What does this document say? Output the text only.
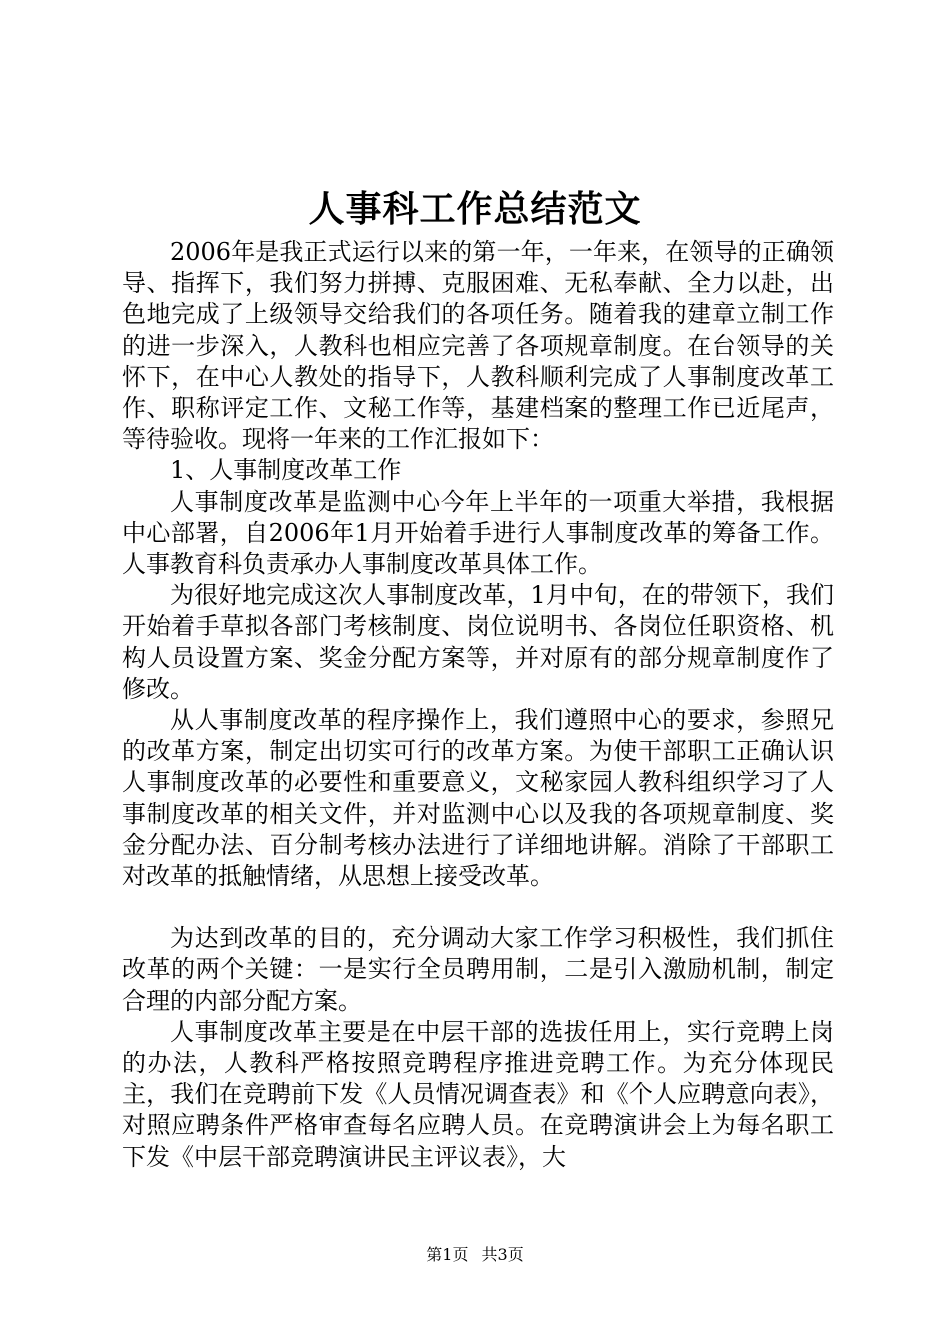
人事科工作总结范文

2006年是我正式运行以来的第一年，一年来，在领导的正确领导、指挥下，我们努力拼搏、克服困难、无私奉献、全力以赴，出色地完成了上级领导交给我们的各项任务。随着我的建章立制工作的进一步深入，人教科也相应完善了各项规章制度。在台领导的关怀下，在中心人教处的指导下，人教科顺利完成了人事制度改革工作、职称评定工作、文秘工作等，基建档案的整理工作已近尾声，等待验收。现将一年来的工作汇报如下：

1、人事制度改革工作

人事制度改革是监测中心今年上半年的一项重大举措，我根据中心部署，自2006年1月开始着手进行人事制度改革的筹备工作。人事教育科负责承办人事制度改革具体工作。

为很好地完成这次人事制度改革，1月中旬，在的带领下，我们开始着手草拟各部门考核制度、岗位说明书、各岗位任职资格、机构人员设置方案、奖金分配方案等，并对原有的部分规章制度作了修改。

从人事制度改革的程序操作上，我们遵照中心的要求，参照兄的改革方案，制定出切实可行的改革方案。为使干部职工正确认识人事制度改革的必要性和重要意义，文秘家园人教科组织学习了人事制度改革的相关文件，并对监测中心以及我的各项规章制度、奖金分配办法、百分制考核办法进行了详细地讲解。消除了干部职工对改革的抵触情绪，从思想上接受改革。

为达到改革的目的，充分调动大家工作学习积极性，我们抓住改革的两个关键：一是实行全员聘用制，二是引入激励机制，制定合理的内部分配方案。

人事制度改革主要是在中层干部的选拔任用上，实行竞聘上岗的办法，人教科严格按照竞聘程序推进竞聘工作。为充分体现民主，我们在竞聘前下发《人员情况调查表》和《个人应聘意向表》，对照应聘条件严格审查每名应聘人员。在竞聘演讲会上为每名职工下发《中层干部竞聘演讲民主评议表》，大

第1页 共3页
